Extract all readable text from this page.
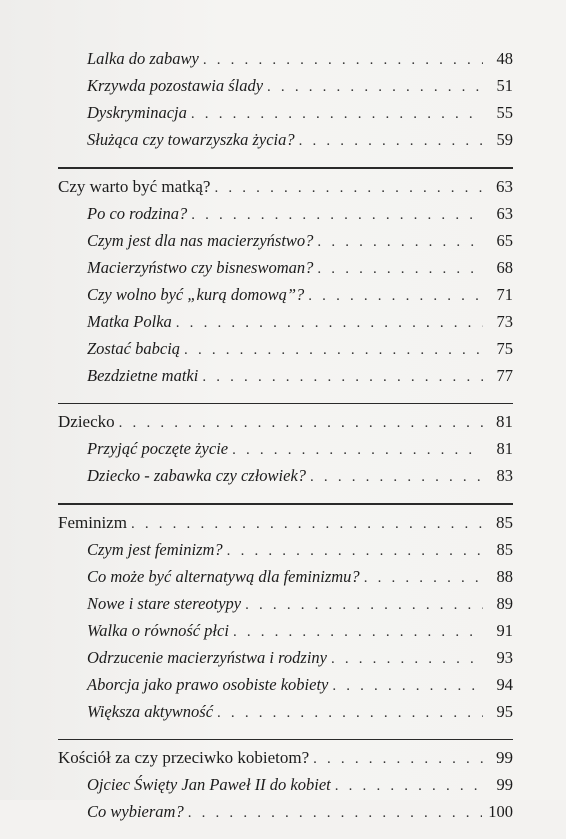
Lalka do zabawy . . .	48
Krzywda pozostawia ślady . . .	51
Dyskryminacja . . .	55
Służąca czy towarzyszka życia? . . .	59
Czy warto być matką? . . .	63
Po co rodzina? . . .	63
Czym jest dla nas macierzyństwo? . . .	65
Macierzyństwo czy bisneswoman? . . .	68
Czy wolno być „kurą domową”? . . .	71
Matka Polka . . .	73
Zostać babcią . . .	75
Bezdzietne matki . . .	77
Dziecko . . .	81
Przyjąć poczęte życie . . .	81
Dziecko - zabawka czy człowiek? . . .	83
Feminizm . . .	85
Czym jest feminizm? . . .	85
Co może być alternatywą dla feminizmu? . . .	88
Nowe i stare stereotypy . . .	89
Walka o równość płci . . .	91
Odrzucenie macierzyństwa i rodziny . . .	93
Aborcja jako prawo osobiste kobiety . . .	94
Większa aktywność . . .	95
Kościół za czy przeciwko kobietom? . . .	99
Ojciec Święty Jan Paweł II do kobiet . . .	99
Co wybieram? . . .	100
